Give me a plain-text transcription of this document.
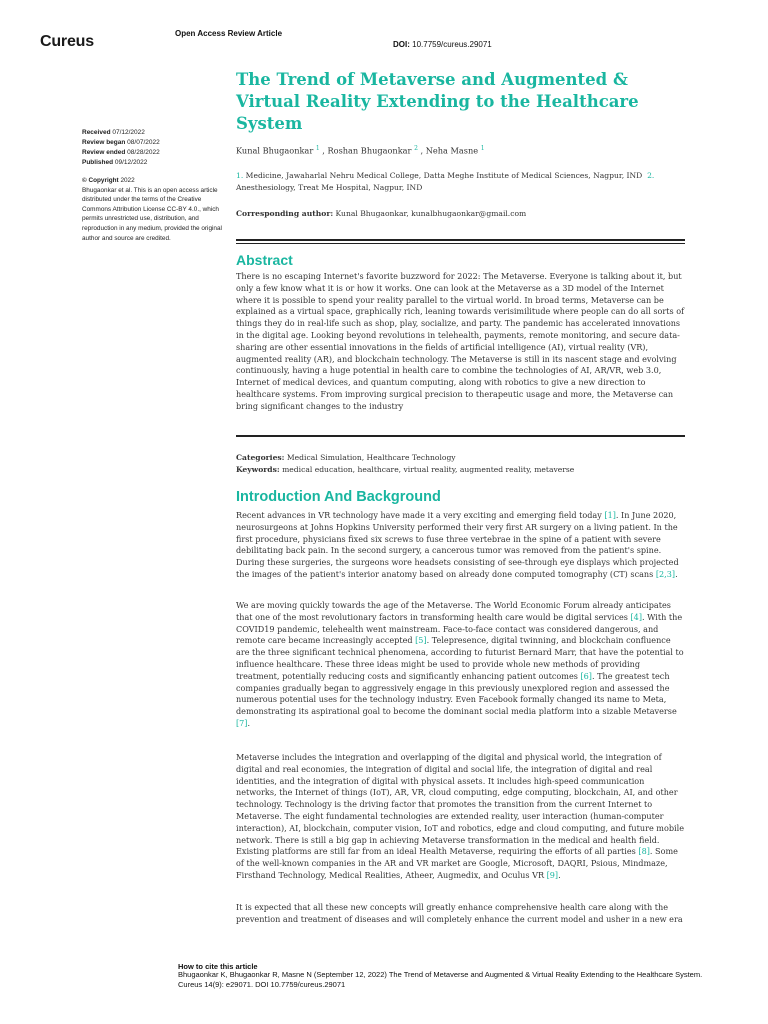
Cureus	Open Access Review Article
DOI: 10.7759/cureus.29071
Received 07/12/2022
Review began 08/07/2022
Review ended 08/28/2022
Published 09/12/2022
© Copyright 2022
Bhugaonkar et al. This is an open access article distributed under the terms of the Creative Commons Attribution License CC-BY 4.0., which permits unrestricted use, distribution, and reproduction in any medium, provided the original author and source are credited.
The Trend of Metaverse and Augmented & Virtual Reality Extending to the Healthcare System
Kunal Bhugaonkar $^1$ , Roshan Bhugaonkar $^2$ , Neha Masne $^1$
1. Medicine, Jawaharlal Nehru Medical College, Datta Meghe Institute of Medical Sciences, Nagpur, IND 2. Anesthesiology, Treat Me Hospital, Nagpur, IND
Corresponding author: Kunal Bhugaonkar, kunalbhugaonkar@gmail.com
Abstract

There is no escaping Internet's favorite buzzword for 2022: The Metaverse. Everyone is talking about it, but only a few know what it is or how it works. One can look at the Metaverse as a 3D model of the Internet where it is possible to spend your reality parallel to the virtual world. In broad terms, Metaverse can be explained as a virtual space, graphically rich, leaning towards verisimilitude where people can do all sorts of things they do in real-life such as shop, play, socialize, and party. The pandemic has accelerated innovations in the digital age. Looking beyond revolutions in telehealth, payments, remote monitoring, and secure data-sharing are other essential innovations in the fields of artificial intelligence (AI), virtual reality (VR), augmented reality (AR), and blockchain technology. The Metaverse is still in its nascent stage and evolving continuously, having a huge potential in health care to combine the technologies of AI, AR/VR, web 3.0, Internet of medical devices, and quantum computing, along with robotics to give a new direction to healthcare systems. From improving surgical precision to therapeutic usage and more, the Metaverse can bring significant changes to the industry

Categories: Medical Simulation, Healthcare Technology
Keywords: medical education, healthcare, virtual reality, augmented reality, metaverse
Introduction And Background

Recent advances in VR technology have made it a very exciting and emerging field today [1]. In June 2020, neurosurgeons at Johns Hopkins University performed their very first AR surgery on a living patient. In the first procedure, physicians fixed six screws to fuse three vertebrae in the spine of a patient with severe debilitating back pain. In the second surgery, a cancerous tumor was removed from the patient's spine. During these surgeries, the surgeons wore headsets consisting of see-through eye displays which projected the images of the patient's interior anatomy based on already done computed tomography (CT) scans [2,3].

We are moving quickly towards the age of the Metaverse. The World Economic Forum already anticipates that one of the most revolutionary factors in transforming health care would be digital services [4]. With the COVID19 pandemic, telehealth went mainstream. Face-to-face contact was considered dangerous, and remote care became increasingly accepted [5]. Telepresence, digital twinning, and blockchain confluence are the three significant technical phenomena, according to futurist Bernard Marr, that have the potential to influence healthcare. These three ideas might be used to provide whole new methods of providing treatment, potentially reducing costs and significantly enhancing patient outcomes [6]. The greatest tech companies gradually began to aggressively engage in this previously unexplored region and assessed the numerous potential uses for the technology industry. Even Facebook formally changed its name to Meta, demonstrating its aspirational goal to become the dominant social media platform into a sizable Metaverse [7].

Metaverse includes the integration and overlapping of the digital and physical world, the integration of digital and real economies, the integration of digital and social life, the integration of digital and real identities, and the integration of digital with physical assets. It includes high-speed communication networks, the Internet of things (IoT), AR, VR, cloud computing, edge computing, blockchain, AI, and other technology. Technology is the driving factor that promotes the transition from the current Internet to Metaverse. The eight fundamental technologies are extended reality, user interaction (human-computer interaction), AI, blockchain, computer vision, IoT and robotics, edge and cloud computing, and future mobile network. There is still a big gap in achieving Metaverse transformation in the medical and health field. Existing platforms are still far from an ideal Health Metaverse, requiring the efforts of all parties [8]. Some of the well-known companies in the AR and VR market are Google, Microsoft, DAQRI, Psious, Mindmaze, Firsthand Technology, Medical Realities, Atheer, Augmedix, and Oculus VR [9].

It is expected that all these new concepts will greatly enhance comprehensive health care along with the prevention and treatment of diseases and will completely enhance the current model and usher in a new era

How to cite this article
Bhugaonkar K, Bhugaonkar R, Masne N (September 12, 2022) The Trend of Metaverse and Augmented & Virtual Reality Extending to the Healthcare System. Cureus 14(9): e29071. DOI 10.7759/cureus.29071
